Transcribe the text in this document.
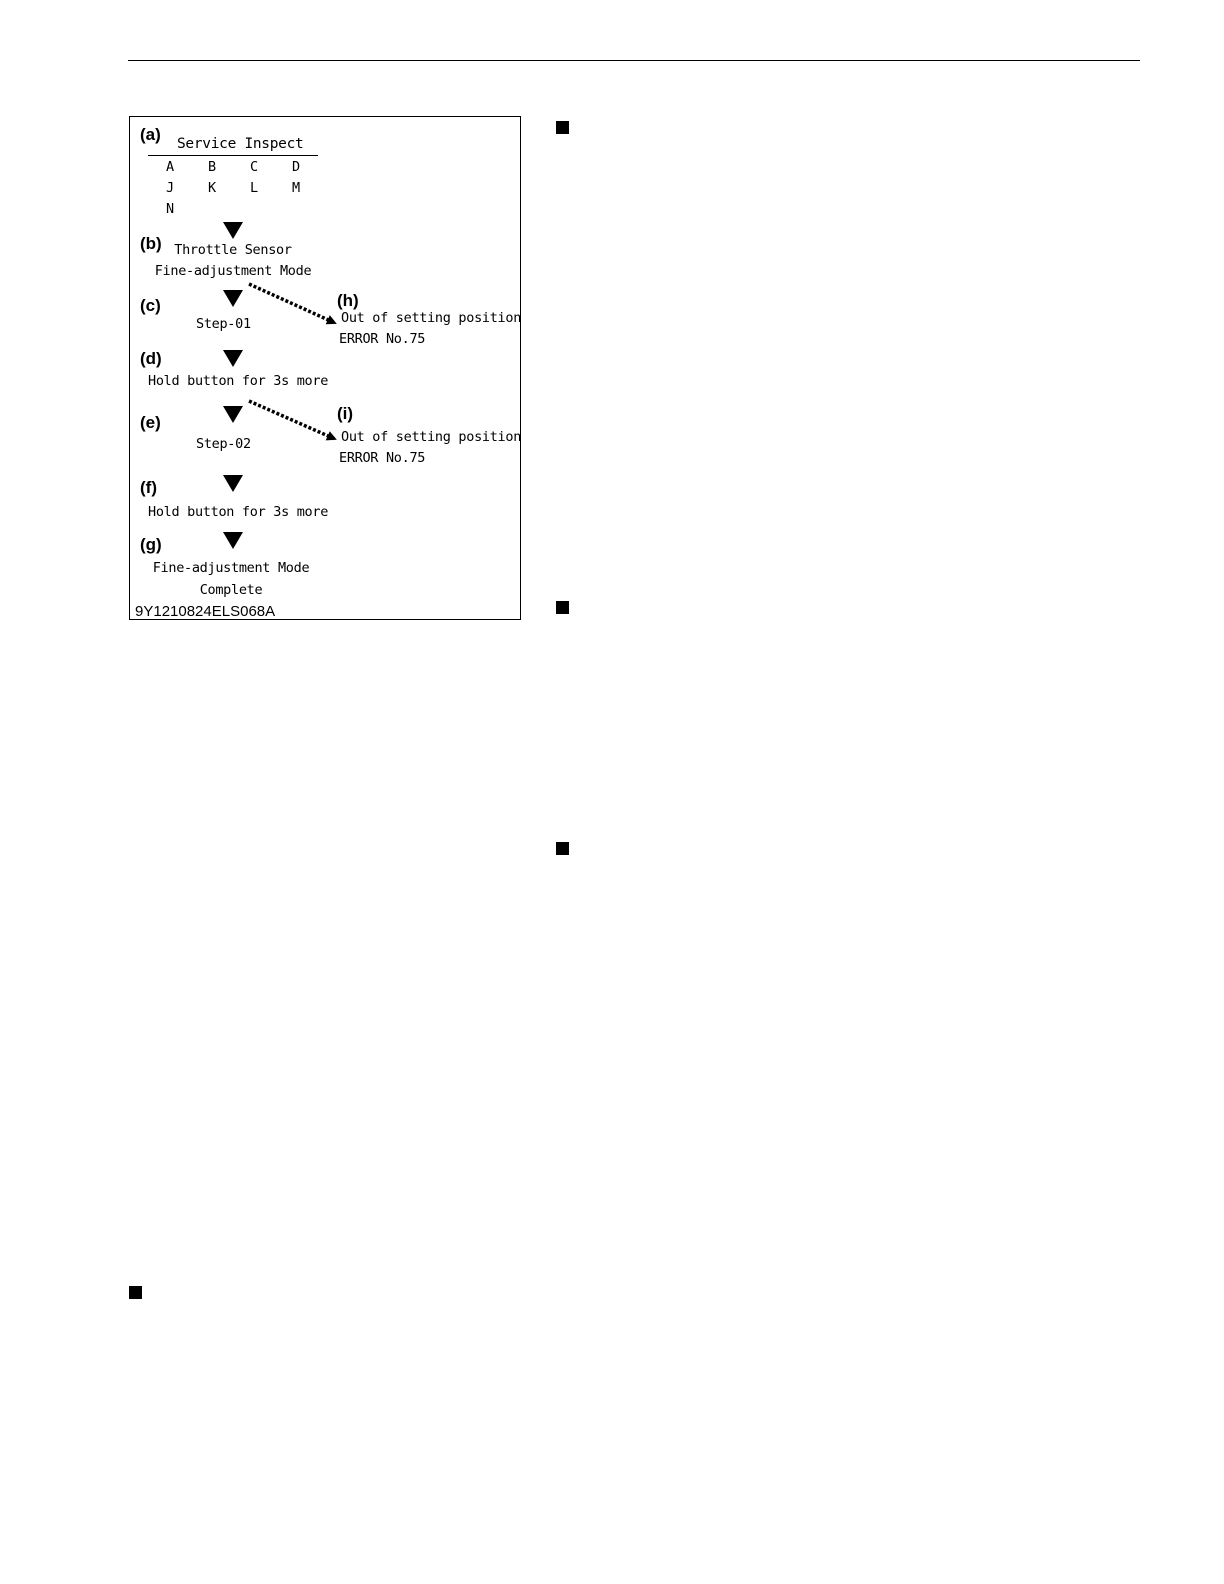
(a) Service Inspect
A	B	C	D
J	K	L	M
N
(b) Throttle Sensor
Fine-adjustment Mode
(c)
Step-01
(h)
Out of setting position
ERROR No.75
(d)
Hold button for 3s more
(e)
Step-02
(i)
Out of setting position
ERROR No.75
(f)
Hold button for 3s more
(g)
Fine-adjustment Mode
Complete
9Y1210824ELS068A
